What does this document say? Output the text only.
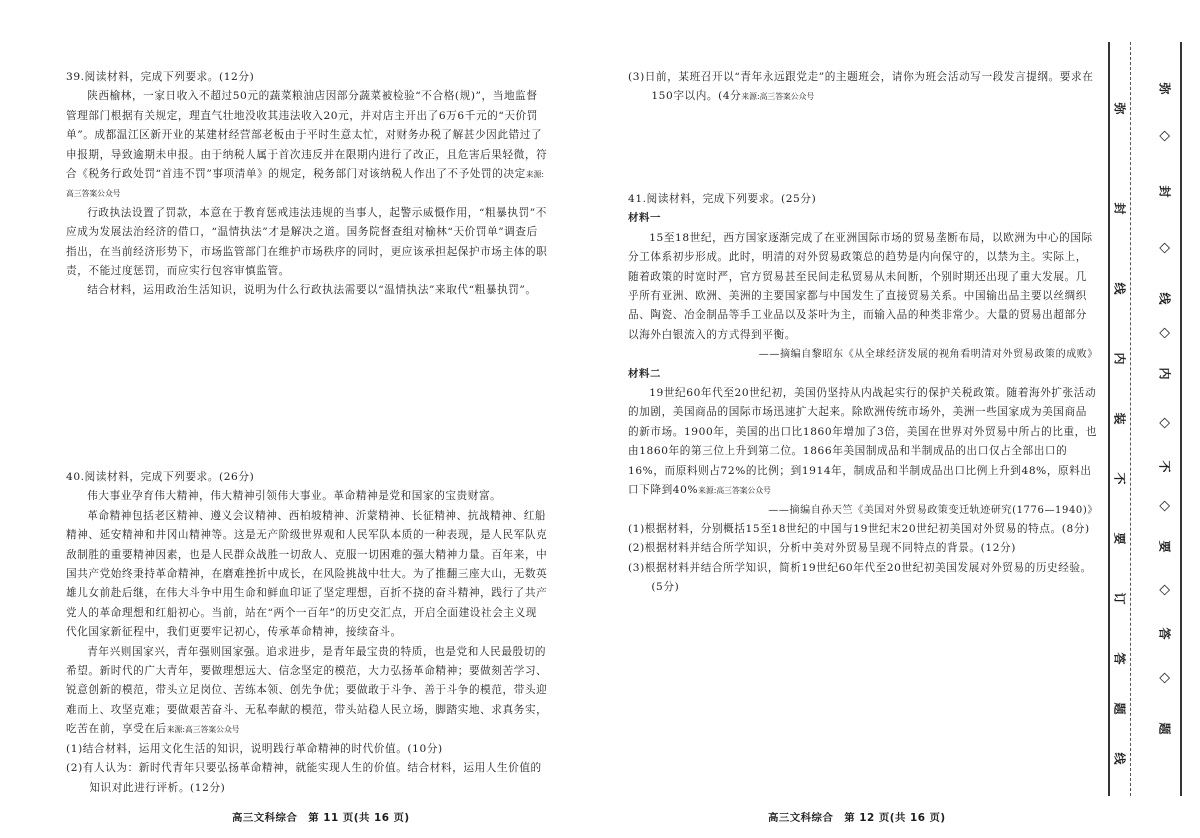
39.阅读材料，完成下列要求。(12分)

陕西榆林，一家日收入不超过50元的蔬菜粮油店因部分蔬菜被检验“不合格(规)”，当地监督管理部门根据有关规定，理直气壮地没收其违法收入20元，并对店主开出了6万6千元的“天价罚单”。成都温江区新开业的某建材经营部老板由于平时生意太忙，对财务办税了解甚少因此错过了申报期，导致逾期未申报。由于纳税人属于首次违反并在限期内进行了改正，且危害后果轻微，符合《税务行政处罚“首违不罚”事项清单》的规定，税务部门对该纳税人作出了不予处罚的决定来源:高三答案公众号

行政执法设置了罚款，本意在于教育惩戒违法违规的当事人，起警示威慑作用，“粗暴执罚”不应成为发展法治经济的借口，“温情执法”才是解决之道。国务院督查组对榆林“天价罚单”调查后指出，在当前经济形势下，市场监管部门在维护市场秩序的同时，更应该承担起保护市场主体的职责，不能过度惩罚，而应实行包容审慎监管。

结合材料，运用政治生活知识，说明为什么行政执法需要以“温情执法”来取代“粗暴执罚”。

40.阅读材料，完成下列要求。(26分)

伟大事业孕育伟大精神，伟大精神引领伟大事业。革命精神是党和国家的宝贵财富。

革命精神包括老区精神、遵义会议精神、西柏坡精神、沂蒙精神、长征精神、抗战精神、红船精神、延安精神和井冈山精神等。这是无产阶级世界观和人民军队本质的一种表现，是人民军队克敌制胜的重要精神因素，也是人民群众战胜一切敌人、克服一切困难的强大精神力量。百年来，中国共产党始终秉持革命精神，在磨难挫折中成长，在风险挑战中壮大。为了推翻三座大山，无数英雄儿女前赴后继，在伟大斗争中用生命和鲜血印证了坚定理想，百折不挠的奋斗精神，践行了共产党人的革命理想和红船初心。当前，站在“两个一百年”的历史交汇点，开启全面建设社会主义现代化国家新征程中，我们更要牢记初心，传承革命精神，接续奋斗。

青年兴则国家兴，青年强则国家强。追求进步，是青年最宝贵的特质，也是党和人民最殷切的希望。新时代的广大青年，要做理想远大、信念坚定的模范，大力弘扬革命精神；要做刻苦学习、锐意创新的模范，带头立足岗位、苦练本领、创先争优；要做敢于斗争、善于斗争的模范，带头迎难而上、攻坚克难；要做艰苦奋斗、无私奉献的模范，带头站稳人民立场，脚踏实地、求真务实，吃苦在前，享受在后来源:高三答案公众号

(1)结合材料，运用文化生活的知识，说明践行革命精神的时代价值。(10分)

(2)有人认为：新时代青年只要弘扬革命精神，就能实现人生的价值。结合材料，运用人生价值的知识对此进行评析。(12分)

高三文科综合　第 11 页(共 16 页)

(3)日前，某班召开以“青年永远跟党走”的主题班会，请你为班会活动写一段发言提纲。要求在150字以内。(4分来源:高三答案公众号

41.阅读材料，完成下列要求。(25分)

材料一

15至18世纪，西方国家逐渐完成了在亚洲国际市场的贸易垄断布局，以欧洲为中心的国际分工体系初步形成。此时，明清的对外贸易政策总的趋势是内向保守的，以禁为主。实际上，随着政策的时宽时严，官方贸易甚至民间走私贸易从未间断，个别时期还出现了重大发展。几乎所有亚洲、欧洲、美洲的主要国家都与中国发生了直接贸易关系。中国输出品主要以丝绸织品、陶瓷、冶金制品等手工业品以及茶叶为主，而输入品的种类非常少。大量的贸易出超部分以海外白银流入的方式得到平衡。

——摘编自黎昭东《从全球经济发展的视角看明清对外贸易政策的成败》

材料二

19世纪60年代至20世纪初，美国仍坚持从内战起实行的保护关税政策。随着海外扩张活动的加剧，美国商品的国际市场迅速扩大起来。除欧洲传统市场外，美洲一些国家成为美国商品的新市场。1900年，美国的出口比1860年增加了3倍，美国在世界对外贸易中所占的比重，也由1860年的第三位上升到第二位。1866年美国制成品和半制成品的出口仅占全部出口的16%，而原料则占72%的比例；到1914年，制成品和半制成品出口比例上升到48%，原料出口下降到40%来源:高三答案公众号

——摘编自孙天竺《美国对外贸易政策变迁轨迹研究(1776—1940)》

(1)根据材料，分别概括15至18世纪的中国与19世纪末20世纪初美国对外贸易的特点。(8分)

(2)根据材料并结合所学知识，分析中美对外贸易呈现不同特点的背景。(12分)

(3)根据材料并结合所学知识，简析19世纪60年代至20世纪初美国发展对外贸易的历史经验。(5分)

高三文科综合　第 12 页(共 16 页)
弥
◇
封
◇
线
◇
内
◇
不
◇
要
◇
答
◇
题
弥
封
线
内
装
不
要
订
答
题
线
